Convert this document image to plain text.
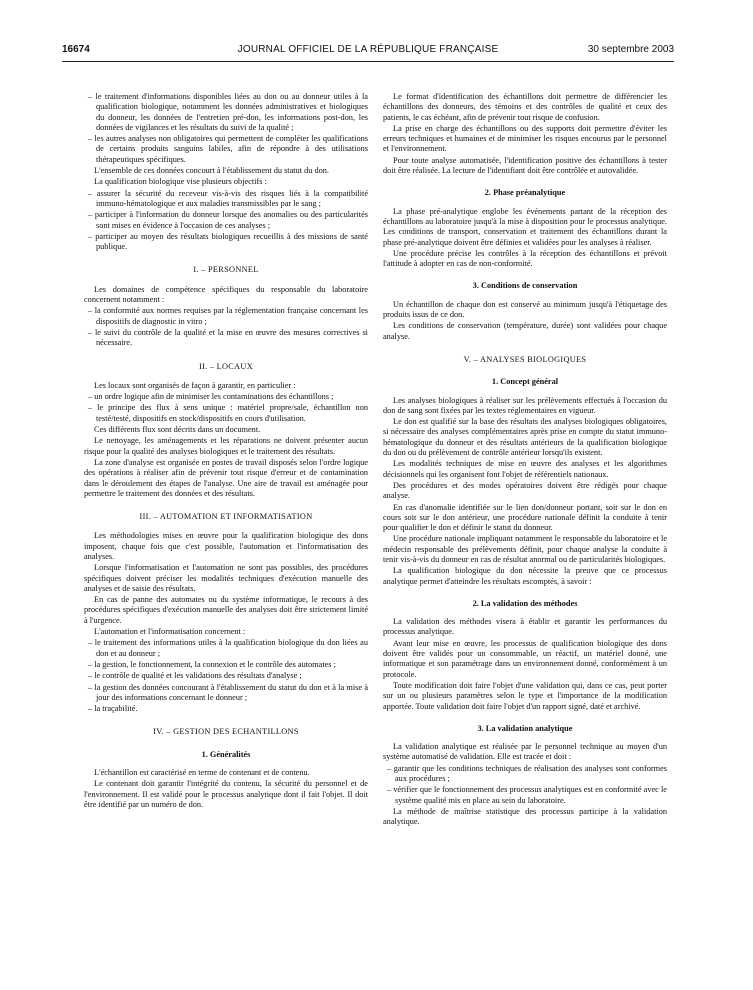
16674	JOURNAL OFFICIEL DE LA RÉPUBLIQUE FRANÇAISE	30 septembre 2003

– le traitement d'informations disponibles liées au don ou au donneur utiles à la qualification biologique, notamment les données administratives et biologiques du donneur, les données de l'entretien pré-don, les informations post-don, les données de vigilances et les résultats du suivi de la qualité ;

– les autres analyses non obligatoires qui permettent de compléter les qualifications de certains produits sanguins labiles, afin de répondre à des utilisations thérapeutiques spécifiques.

L'ensemble de ces données concourt à l'établissement du statut du don.

La qualification biologique vise plusieurs objectifs :

– assurer la sécurité du receveur vis-à-vis des risques liés à la compatibilité immuno-hématologique et aux maladies transmissibles par le sang ;

– participer à l'information du donneur lorsque des anomalies ou des particularités sont mises en évidence à l'occasion de ces analyses ;

– participer au moyen des résultats biologiques recueillis à des missions de santé publique.

I. – PERSONNEL

Les domaines de compétence spécifiques du responsable du laboratoire concernent notamment :

– la conformité aux normes requises par la réglementation française concernant les dispositifs de diagnostic in vitro ;

– le suivi du contrôle de la qualité et la mise en œuvre des mesures correctives si nécessaire.

II. – LOCAUX

Les locaux sont organisés de façon à garantir, en particulier :

– un ordre logique afin de minimiser les contaminations des échantillons ;

– le principe des flux à sens unique : matériel propre/sale, échantillon non testé/testé, dispositifs en stock/dispositifs en cours d'utilisation.

Ces différents flux sont décrits dans un document.

Le nettoyage, les aménagements et les réparations ne doivent présenter aucun risque pour la qualité des analyses biologiques et le traitement des résultats.

La zone d'analyse est organisée en postes de travail disposés selon l'ordre logique des opérations à réaliser afin de prévenir tout risque d'erreur et de contamination dans le déroulement des étapes de l'analyse. Une aire de travail est aménagée pour permettre le traitement des données et des résultats.

III. – AUTOMATION ET INFORMATISATION

Les méthodologies mises en œuvre pour la qualification biologique des dons imposent, chaque fois que c'est possible, l'automation et l'informatisation des analyses.

Lorsque l'informatisation et l'automation ne sont pas possibles, des procédures spécifiques doivent préciser les modalités techniques d'exécution manuelle des analyses et de saisie des résultats.

En cas de panne des automates ou du système informatique, le recours à des procédures spécifiques d'exécution manuelle des analyses doit être strictement limité à l'urgence.

L'automation et l'informatisation concernent :

– le traitement des informations utiles à la qualification biologique du don liées au don et au donneur ;

– la gestion, le fonctionnement, la connexion et le contrôle des automates ;

– le contrôle de qualité et les validations des résultats d'analyse ;

– la gestion des données concourant à l'établissement du statut du don et à la mise à jour des informations concernant le donneur ;

– la traçabilité.

IV. – GESTION DES ECHANTILLONS

1. Généralités

L'échantillon est caractérisé en terme de contenant et de contenu.

Le contenant doit garantir l'intégrité du contenu, la sécurité du personnel et de l'environnement. Il est validé pour le processus analytique dont il fait l'objet. Il doit être identifié par un numéro de don.

Le format d'identification des échantillons doit permettre de différencier les échantillons des donneurs, des témoins et des contrôles de qualité et ceux des patients, le cas échéant, afin de prévenir tout risque de confusion.

La prise en charge des échantillons ou des supports doit permettre d'éviter les erreurs techniques et humaines et de minimiser les risques encourus par le personnel et l'environnement.

Pour toute analyse automatisée, l'identification positive des échantillons à tester doit être réalisée. La lecture de l'identifiant doit être contrôlée et autovalidée.

2. Phase préanalytique

La phase pré-analytique englobe les événements partant de la réception des échantillons au laboratoire jusqu'à la mise à disposition pour le processus analytique. Les conditions de transport, conservation et traitement des échantillons durant la phase pré-analytique doivent être définies et validées pour les analyses à réaliser.

Une procédure précise les contrôles à la réception des échantillons et prévoit l'attitude à adopter en cas de non-conformité.

3. Conditions de conservation

Un échantillon de chaque don est conservé au minimum jusqu'à l'étiquetage des produits issus de ce don.

Les conditions de conservation (température, durée) sont validées pour chaque analyse.

V. – ANALYSES BIOLOGIQUES

1. Concept général

Les analyses biologiques à réaliser sur les prélèvements effectués à l'occasion du don de sang sont fixées par les textes réglementaires en vigueur.

Le don est qualifié sur la base des résultats des analyses biologiques obligatoires, si nécessaire des analyses complémentaires après prise en compte du statut immuno-hématologique du donneur et des résultats antérieurs de la qualification biologique du don ou du prélèvement de contrôle antérieur lorsqu'ils existent.

Les modalités techniques de mise en œuvre des analyses et les algorithmes décisionnels qui les organisent font l'objet de référentiels nationaux.

Des procédures et des modes opératoires doivent être rédigés pour chaque analyse.

En cas d'anomalie identifiée sur le lien don/donneur portant, soit sur le don en cours soit sur le don antérieur, une procédure nationale définit la conduite à tenir pour qualifier le don et définir le statut du donneur.

Une procédure nationale impliquant notamment le responsable du laboratoire et le médecin responsable des prélèvements définit, pour chaque analyse la conduite à tenir vis-à-vis du donneur en cas de résultat anormal ou de particularités biologiques.

La qualification biologique du don nécessite la preuve que ce processus analytique permet d'atteindre les résultats escomptés, à savoir :

2. La validation des méthodes

La validation des méthodes visera à établir et garantir les performances du processus analytique.

Avant leur mise en œuvre, les processus de qualification biologique des dons doivent être validés pour un consommable, un réactif, un matériel donné, une informatique et son paramétrage dans un environnement donné, conformément à un protocole.

Toute modification doit faire l'objet d'une validation qui, dans ce cas, peut porter sur un ou plusieurs paramètres selon le type et l'importance de la modification apportée. Toute validation doit faire l'objet d'un rapport signé, daté et archivé.

3. La validation analytique

La validation analytique est réalisée par le personnel technique au moyen d'un système automatisé de validation. Elle est tracée et doit :

– garantir que les conditions techniques de réalisation des analyses sont conformes aux procédures ;

– vérifier que le fonctionnement des processus analytiques est en conformité avec le système qualité mis en place au sein du laboratoire.

La méthode de maîtrise statistique des processus participe à la validation analytique.
